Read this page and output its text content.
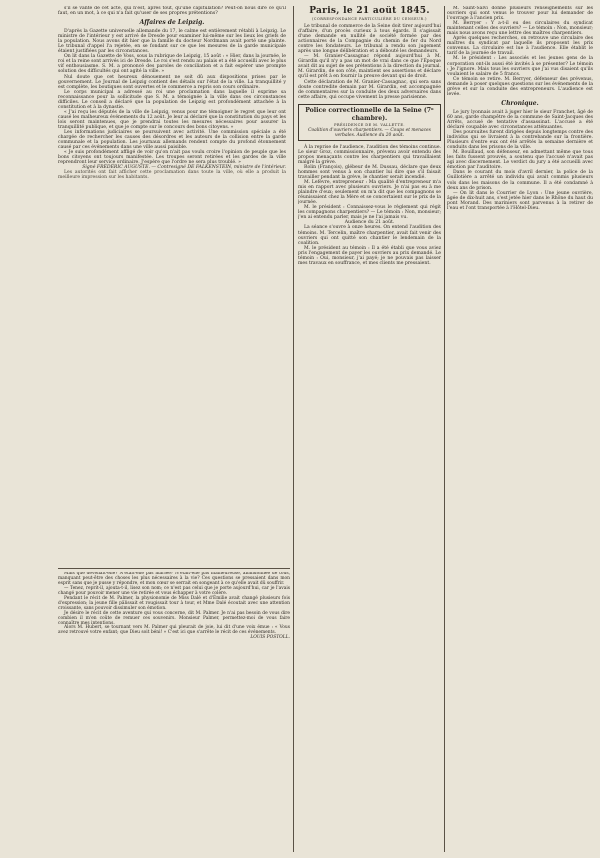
s'il se vante de cet acte, qui n'est, après tout, qu'une capitulation? Peut-on nous dire ce qu'il faut, en un mot, à ce qui n'a fait qu'user de ses propres prétentions?

Affaires de Leipzig.

D'après la Gazette universelle allemande du 17, le calme est entièrement rétabli à Leipzig. Le ministre de l'intérieur y est arrivé de Dresde pour examiner lui-même sur les lieux les griefs de la population. Nous avons dit hier que la famille du docteur Nordmann avait porté une plainte. Le tribunal d'appel l'a rejetée, en se fondant sur ce que les mesures de la garde municipale étaient justifiées par les circonstances.

On lit dans la Gazette de Voss, sous la rubrique de Leipzig, 15 août : « Hier, dans la journée, le roi et la reine sont arrivés ici de Dresde. Le roi s'est rendu au palais et a été accueilli avec le plus vif enthousiasme. S. M. a prononcé des paroles de conciliation et a fait espérer une prompte solution des difficultés qui ont agité la ville. »

Nul doute que cet heureux dénouement ne soit dû aux dispositions prises par le gouvernement. Le Journal de Leipzig contient des détails sur l'état de la ville. La tranquillité y est complète, les boutiques sont ouvertes et le commerce a repris son cours ordinaire.

Le corps municipal a adressé au roi une proclamation dans laquelle il exprime sa reconnaissance pour la sollicitude que S. M. a témoignée à la ville dans ces circonstances difficiles. Le conseil a déclaré que la population de Leipzig est profondément attachée à la constitution et à la dynastie.

« J'ai reçu les députés de la ville de Leipzig, venus pour me témoigner le regret que leur ont causé les malheureux événements du 12 août. Je leur ai déclaré que la constitution du pays et les lois seront maintenues, que je prendrai toutes les mesures nécessaires pour assurer la tranquillité publique, et que je compte sur le concours des bons citoyens. »

Les informations judiciaires se poursuivent avec activité. Une commission spéciale a été chargée de rechercher les causes des désordres et les auteurs de la collision entre la garde communale et la population. Les journaux allemands rendent compte du profond étonnement causé par ces événements dans une ville aussi paisible.

« Je suis profondément affligé de voir qu'on n'ait pas voulu croire l'opinion de peuple que les bons citoyens ont toujours manifestée. Les troupes seront retirées et les gardes de la ville reprendront leur service ordinaire. J'espère que l'ordre ne sera plus troublé. »

Signé FRÉDÉRIC AUGUSTE. — Contresigné DE FALKENSTEIN, ministre de l'intérieur.

Les autorités ont fait afficher cette proclamation dans toute la ville, où elle a produit la meilleure impression sur les habitants.

Mais que devenait-elle? N'était-elle pas mariée? N'était-elle pas malheureuse, abandonnée de tous, manquant peut-être des choses les plus nécessaires à la vie? Ces questions se pressaient dans mon esprit sans que je pusse y répondre, et mon cœur se serrait en songeant à ce qu'elle avait dû souffrir.

— Tenez, reprit-il, ajouta-t-il, lisez son nom; ce n'est pas celui que je porte aujourd'hui, car je l'avais changé pour pouvoir mener une vie retirée et vous échapper à votre colère.

Pendant le récit de M. Palmer, la physionomie de Miss Dalé et d'Émilie avait changé plusieurs fois d'expression; la jeune fille pâlissait et rougissait tour à tour, et Mme Dalé écoutait avec une attention croissante, sans pouvoir dissimuler son émotion.

Je désire le récit de cette aventure qui vous concerne, dit M. Palmer. Je n'ai pas besoin de vous dire combien il m'en coûte de remuer ces souvenirs. Monsieur Palmer, permettez-moi de vous faire connaître mes intentions.

Alors M. Hubert, se tournant vers M. Palmer qui pleurait de joie, lui dit d'une voix émue : « Vous avez retrouvé votre enfant; que Dieu soit béni! » C'est ici que s'arrête le récit de ces événements.

LOUIS POSTOLL.

Paris, le 21 août 1845.
(CORRESPONDANCE PARTICULIÈRE DU CENSEUR.)

Le tribunal de commerce de la Seine doit tirer aujourd'hui d'affaire, d'un procès curieux à tous égards. Il s'agissait d'une demande en nullité de société formée par des actionnaires de la Compagnie du chemin de fer du Nord contre les fondateurs. Le tribunal a rendu son jugement après une longue délibération et a débouté les demandeurs.

— M. Granier-Cassagnac répond aujourd'hui à M. Girardin qu'il n'y a pas un mot de vrai dans ce que l'Époque avait dit au sujet de ses prétentions à la direction du journal. M. Girardin, de son côté, maintient ses assertions et déclare qu'il est prêt à en fournir la preuve devant qui de droit.

Cette déclaration de M. Granier-Cassagnac, qui sera sans doute contredite demain par M. Girardin, est accompagnée de commentaires sur la conduite des deux adversaires dans cette affaire, qui occupe vivement la presse parisienne.

Police correctionnelle de la Seine (7ᵉ chambre).
PRÉSIDENCE DE M. VALLETTE.
Coalition d'ouvriers charpentiers. — Coups et menaces verbales. Audience du 20 août.

À la reprise de l'audience, l'audition des témoins continue. Le sieur Groz, commissionnaire, prévenu avoir entendu des propos menaçants contre les charpentiers qui travaillaient malgré la grève.

Rolin (François), glébeur de M. Dussau, déclare que deux hommes sont venus à son chantier lui dire que s'il faisait travailler pendant la grève, le chantier serait incendié.

M. Lefèvre, entrepreneur : Ma qualité d'entrepreneur m'a mis en rapport avec plusieurs ouvriers. Je n'ai pas eu à me plaindre d'eux; seulement on m'a dit que les compagnons se réunissaient chez la Mère et se concertaient sur le prix de la journée.

M. le président : Connaissez-vous le règlement qui régit les compagnons charpentiers? — Le témoin : Non, monsieur; j'en ai entendu parler, mais je ne l'ai jamais vu.

Audience du 21 août.

La séance s'ouvre à onze heures. On entend l'audition des témoins. M. Tercelin, maître charpentier, avait fait venir des ouvriers qui ont quitté son chantier le lendemain de la coalition.

M. le président au témoin : Il a été établi que vous aviez pris l'engagement de payer les ouvriers au prix demandé. Le témoin : Oui, monsieur, j'ai payé; je ne pouvais pas laisser mes travaux en souffrance, et mes clients me pressaient.

M. Saint-Salvi donne plusieurs renseignements sur les ouvriers qui sont venus le trouver pour lui demander de l'ouvrage à l'ancien prix.

M. Berryer : Y a-t-il eu des circulaires du syndicat maintenant celles des ouvriers? — Le témoin : Non, monsieur; mais nous avons reçu une lettre des maîtres charpentiers.

Après quelques recherches, on retrouve une circulaire des maîtres du syndicat par laquelle ils proposent les prix convenus. La circulaire est lue à l'audience. Elle établit le tarif de la journée de travail.

M. le président : Les associés et les jeunes gens de la corporation ont-ils aussi été invités à se présenter? Le témoin : Je l'ignore. Mais tous les ouvriers que j'ai vus disaient qu'ils voulaient le salaire de 5 francs.

Ce témoin se retire. M. Berryer, défenseur des prévenus, demande à poser quelques questions sur les événements de la grève et sur la conduite des entrepreneurs. L'audience est levée.

Chronique.

Le jury lyonnais avait à juger hier le sieur Franchet, âgé de 60 ans, garde champêtre de la commune de Saint-Jacques des Arrêts, accusé de tentative d'assassinat. L'accusé a été déclaré coupable avec circonstances atténuantes.

Des poursuites furent dirigées depuis longtemps contre des individus qui se livraient à la contrebande sur la frontière. Plusieurs d'entre eux ont été arrêtés la semaine dernière et conduits dans les prisons de la ville.

M. Bouillaud, son défenseur, en admettant même que tous les faits fussent prouvés, a soutenu que l'accusé n'avait pas agi avec discernement. Le verdict du jury a été accueilli avec émotion par l'auditoire.

Dans le courant du mois d'avril dernier, la police de la Guillotière a arrêté un individu qui avait commis plusieurs vols dans les maisons de la commune. Il a été condamné à deux ans de prison.

— On lit dans le Courrier de Lyon : Une jeune ouvrière, âgée de dix-huit ans, s'est jetée hier dans le Rhône du haut du pont Morand. Des mariniers sont parvenus à la retirer de l'eau et l'ont transportée à l'Hôtel-Dieu.
